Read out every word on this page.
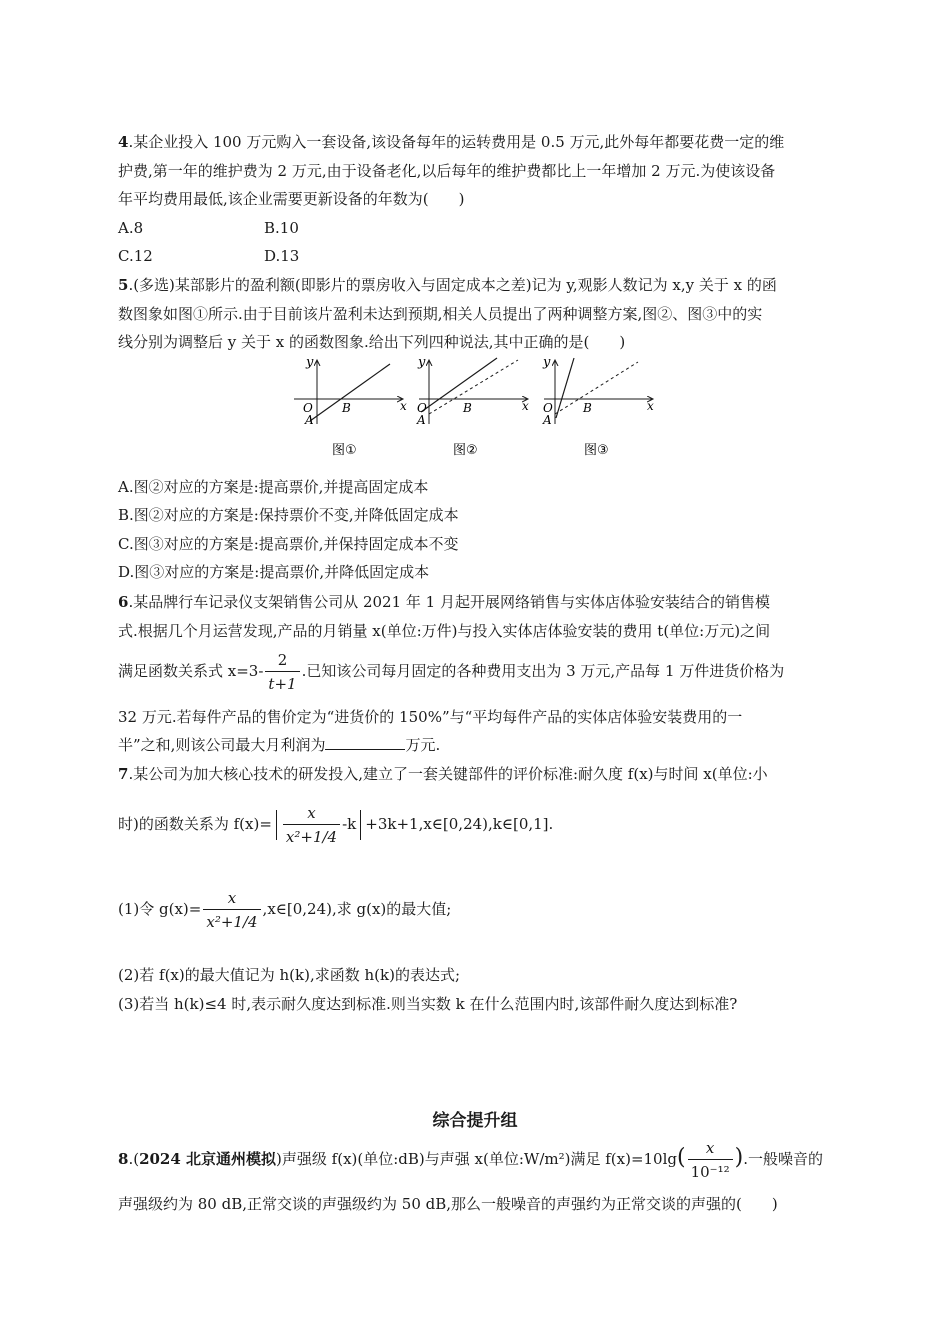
4.某企业投入 100 万元购入一套设备,该设备每年的运转费用是 0.5 万元,此外每年都要花费一定的维
护费,第一年的维护费为 2 万元,由于设备老化,以后每年的维护费都比上一年增加 2 万元.为使该设备
年平均费用最低,该企业需要更新设备的年数为(　　)
A.8	B.10
C.12	D.13
5.(多选)某部影片的盈利额(即影片的票房收入与固定成本之差)记为 y,观影人数记为 x,y 关于 x 的函
数图象如图①所示.由于目前该片盈利未达到预期,相关人员提出了两种调整方案,图②、图③中的实
线分别为调整后 y 关于 x 的函数图象.给出下列四种说法,其中正确的是(　　)
y
x
O
A
B
图①
y
x
O
A
B
图②
y
x
O
A
B
图③
A.图②对应的方案是:提高票价,并提高固定成本
B.图②对应的方案是:保持票价不变,并降低固定成本
C.图③对应的方案是:提高票价,并保持固定成本不变
D.图③对应的方案是:提高票价,并降低固定成本
6.某品牌行车记录仪支架销售公司从 2021 年 1 月起开展网络销售与实体店体验安装结合的销售模
式.根据几个月运营发现,产品的月销量 x(单位:万件)与投入实体店体验安装的费用 t(单位:万元)之间
满足函数关系式 $x=3- \frac{2}{t+1}$ .已知该公司每月固定的各种费用支出为 3 万元,产品每 1 万件进货价格为
32 万元.若每件产品的售价定为“进货价的 150%”与“平均每件产品的实体店体验安装费用的一
半”之和,则该公司最大月利润为	万元.
7.某公司为加大核心技术的研发投入,建立了一套关键部件的评价标准:耐久度 f(x)与时间 x(单位:小
时)的函数关系为 $f(x)= \frac{x}{\text{x²+1/4}} -k$ +3k+1,x∈[0,24),k∈[0,1].
(1)令 $g(x)= \frac{x}{\text{x²+1/4}}$ ,x∈[0,24),求 g(x)的最大值;
(2)若 f(x)的最大值记为 h(k),求函数 h(k)的表达式;
(3)若当 h(k)≤4 时,表示耐久度达到标准.则当实数 k 在什么范围内时,该部件耐久度达到标准?
综合提升组
8.(2024 北京通州模拟)声强级 f(x)(单位:dB)与声强 x(单位:W/m²)满足 $f(x)=10\lg( \frac{x}{\text{10⁻¹²}}$ ).一般噪音的
声强级约为 80 dB,正常交谈的声强级约为 50 dB,那么一般噪音的声强约为正常交谈的声强的(　　)
